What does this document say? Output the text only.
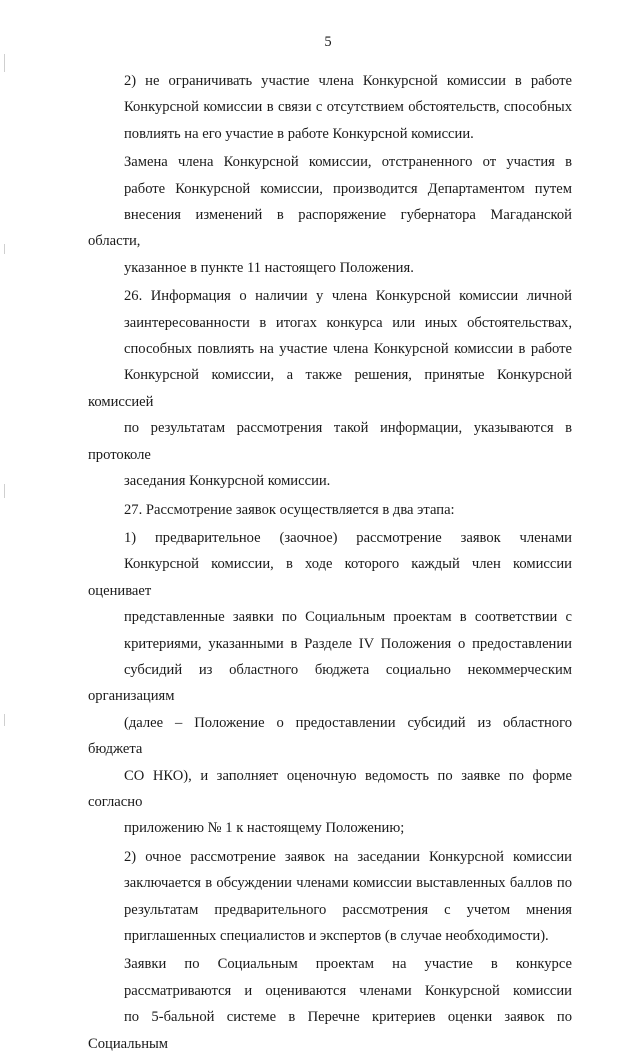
5
2) не ограничивать участие члена Конкурсной комиссии в работе
Конкурсной комиссии в связи с отсутствием обстоятельств, способных
повлиять на его участие в работе Конкурсной комиссии.
Замена члена Конкурсной комиссии, отстраненного от участия в
работе Конкурсной комиссии, производится Департаментом путем
внесения изменений в распоряжение губернатора Магаданской области,
указанное в пункте 11 настоящего Положения.
26. Информация о наличии у члена Конкурсной комиссии личной
заинтересованности в итогах конкурса или иных обстоятельствах,
способных повлиять на участие члена Конкурсной комиссии в работе
Конкурсной комиссии, а также решения, принятые Конкурсной комиссией
по результатам рассмотрения такой информации, указываются в протоколе
заседания Конкурсной комиссии.
27. Рассмотрение заявок осуществляется в два этапа:
1) предварительное (заочное) рассмотрение заявок членами
Конкурсной комиссии, в ходе которого каждый член комиссии оценивает
представленные заявки по Социальным проектам в соответствии с
критериями, указанными в Разделе IV Положения о предоставлении
субсидий из областного бюджета социально некоммерческим организациям
(далее – Положение о предоставлении субсидий из областного бюджета
СО НКО), и заполняет оценочную ведомость по заявке по форме согласно
приложению № 1 к настоящему Положению;
2) очное рассмотрение заявок на заседании Конкурсной комиссии
заключается в обсуждении членами комиссии выставленных баллов по
результатам предварительного рассмотрения с учетом мнения
приглашенных специалистов и экспертов (в случае необходимости).
Заявки по Социальным проектам на участие в конкурсе
рассматриваются и оцениваются членами Конкурсной комиссии
по 5-бальной системе в Перечне критериев оценки заявок по Социальным
